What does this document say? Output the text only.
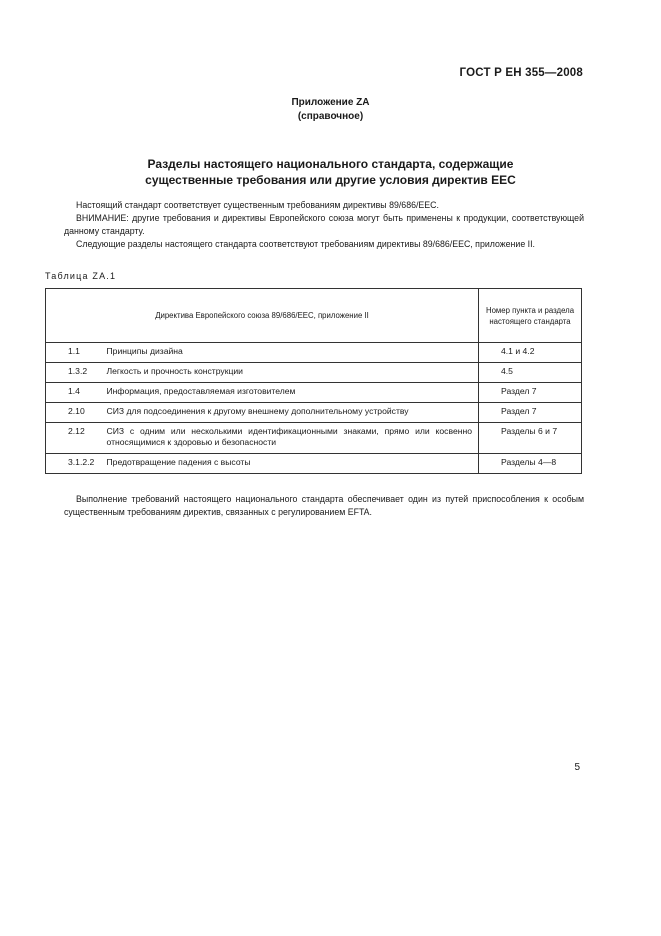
ГОСТ Р ЕН 355—2008
Приложение ZA
(справочное)
Разделы настоящего национального стандарта, содержащие
существенные требования или другие условия директив ЕЕС

Настоящий стандарт соответствует существенным требованиям директивы 89/686/ЕЕС.

ВНИМАНИЕ: другие требования и директивы Европейского союза могут быть применены к продукции, соответствующей данному стандарту.

Следующие разделы настоящего стандарта соответствуют требованиям директивы 89/686/ЕЕС, приложение II.

Таблица ZA.1
Директива Европейского союза 89/686/ЕЕС, приложение II		Номер пункта и раздела настоящего стандарта
1.1	Принципы дизайна	4.1 и 4.2
1.3.2	Легкость и прочность конструкции	4.5
1.4	Информация, предоставляемая изготовителем	Раздел 7
2.10	СИЗ для подсоединения к другому внешнему дополнительному устройству	Раздел 7
2.12	СИЗ с одним или несколькими идентификационными знаками, прямо или косвенно относящимися к здоровью и безопасности	Разделы 6 и 7
3.1.2.2	Предотвращение падения с высоты	Разделы 4—8

Выполнение требований настоящего национального стандарта обеспечивает один из путей приспособления к особым существенным требованиям директив, связанных с регулированием EFTA.

5
